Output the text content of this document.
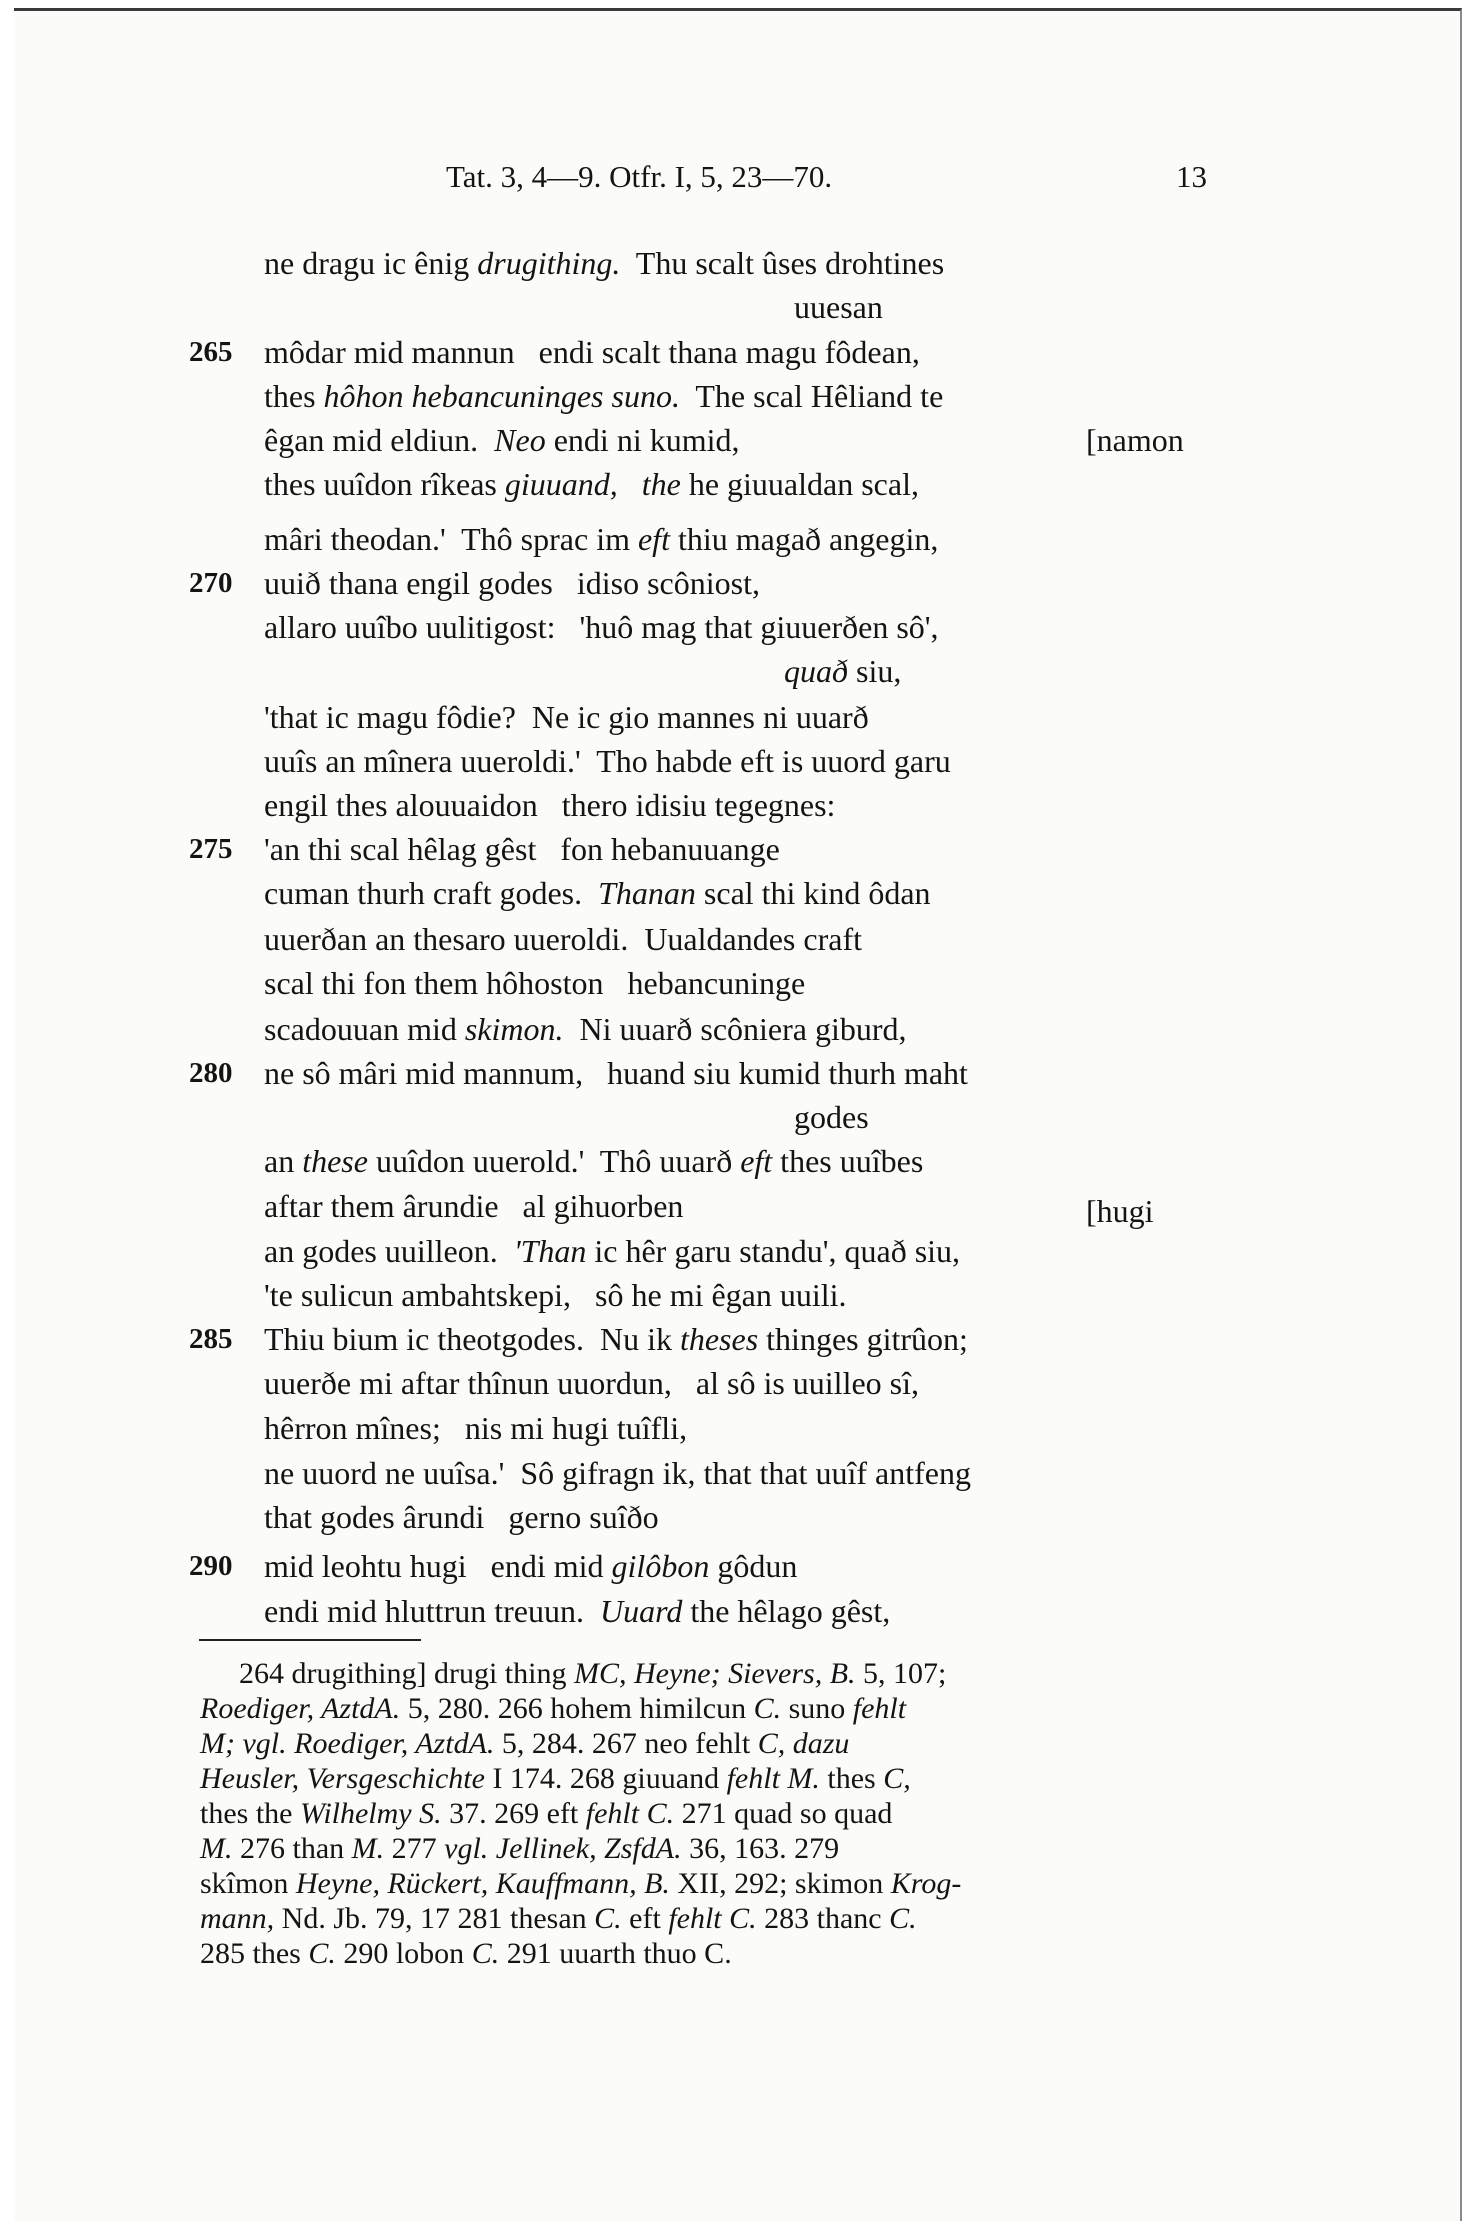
Tat. 3, 4—9. Otfr. I, 5, 23—70.	13
265
270
275
280
285
290
ne dragu ic ênig drugithing.  Thu scalt ûses drohtines
uuesan
môdar mid mannun   endi scalt thana magu fôdean,
thes hôhon hebancuninges suno.  The scal Hêliand te
êgan mid eldiun.  Neo endi ni kumid,	[namon
thes uuîdon rîkeas giuuand, the he giuualdan scal,
mâri theodan.'  Thô sprac im eft thiu magað angegin,
uuið thana engil godes   idiso scôniost,
allaro uuîbo uulitigost:   'huô mag that giuuerðen sô',
quað siu,
'that ic magu fôdie?  Ne ic gio mannes ni uuarð
uuîs an mînera uueroldi.'  Tho habde eft is uuord garu
engil thes alouuaidon   thero idisiu tegegnes:
'an thi scal hêlag gêst   fon hebanuuange
cuman thurh craft godes.  Thanan scal thi kind ôdan
uuerðan an thesaro uueroldi.  Uualdandes craft
scal thi fon them hôhoston   hebancuninge
scadouuan mid skimon.  Ni uuarð scôniera giburd,
ne sô mâri mid mannum,   huand siu kumid thurh maht
godes
an these uuîdon uuerold.'  Thô uuarð eft thes uuîbes
aftar them ârundie   al gihuorben	[hugi
an godes uuilleon.  'Than ic hêr garu standu', quað siu,
'te sulicun ambahtskepi,   sô he mi êgan uuili.
Thiu bium ic theotgodes.  Nu ik theses thinges gitrûon;
uuerðe mi aftar thînun uuordun,   al sô is uuilleo sî,
hêrron mînes;   nis mi hugi tuîfli,
ne uuord ne uuîsa.'  Sô gifragn ik, that that uuîf antfeng
that godes ârundi   gerno suîðo
mid leohtu hugi   endi mid gilôbon gôdun
endi mid hluttrun treuun.  Uuard the hêlago gêst,
264 drugithing] drugi thing MC, Heyne; Sievers, B. 5, 107;
Roediger, AztdA. 5, 280. 266 hohem himilcun C. suno fehlt
M; vgl. Roediger, AztdA. 5, 284. 267 neo fehlt C, dazu
Heusler, Versgeschichte I 174. 268 giuuand fehlt M. thes C,
thes the Wilhelmy S. 37. 269 eft fehlt C. 271 quad so quad
M. 276 than M. 277 vgl. Jellinek, ZsfdA. 36, 163. 279
skîmon Heyne, Rückert, Kauffmann, B. XII, 292; skimon Krog-
mann, Nd. Jb. 79, 17 281 thesan C. eft fehlt C. 283 thanc C.
285 thes C. 290 lobon C. 291 uuarth thuo C.
